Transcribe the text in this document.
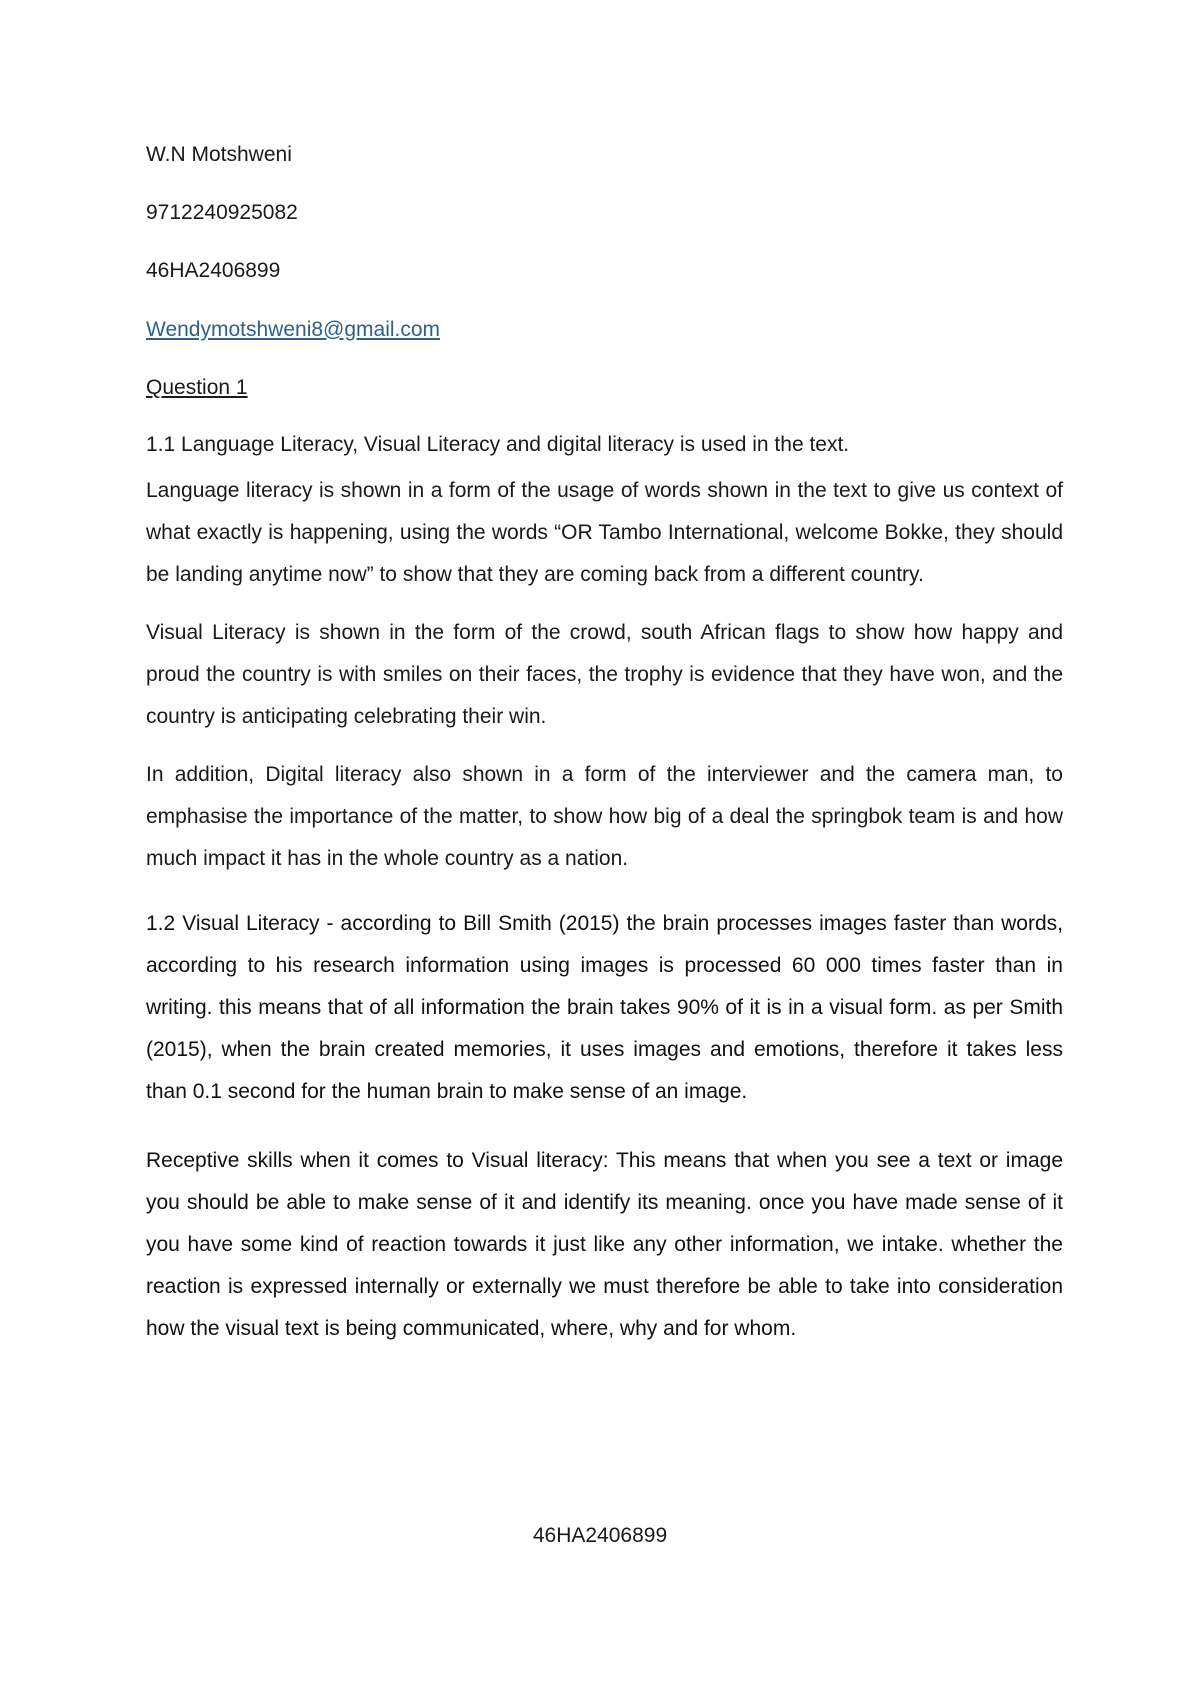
W.N Motshweni

9712240925082

46HA2406899

Wendymotshweni8@gmail.com

Question 1

1.1 Language Literacy, Visual Literacy and digital literacy is used in the text.

Language literacy is shown in a form of the usage of words shown in the text to give us context of what exactly is happening, using the words “OR Tambo International, welcome Bokke, they should be landing anytime now” to show that they are coming back from a different country.

Visual Literacy is shown in the form of the crowd, south African flags to show how happy and proud the country is with smiles on their faces, the trophy is evidence that they have won, and the country is anticipating celebrating their win.

In addition, Digital literacy also shown in a form of the interviewer and the camera man, to emphasise the importance of the matter, to show how big of a deal the springbok team is and how much impact it has in the whole country as a nation.

1.2 Visual Literacy - according to Bill Smith (2015) the brain processes images faster than words, according to his research information using images is processed 60 000 times faster than in writing. this means that of all information the brain takes 90% of it is in a visual form. as per Smith (2015), when the brain created memories, it uses images and emotions, therefore it takes less than 0.1 second for the human brain to make sense of an image.

Receptive skills when it comes to Visual literacy: This means that when you see a text or image you should be able to make sense of it and identify its meaning. once you have made sense of it you have some kind of reaction towards it just like any other information, we intake. whether the reaction is expressed internally or externally we must therefore be able to take into consideration how the visual text is being communicated, where, why and for whom.

46HA2406899
